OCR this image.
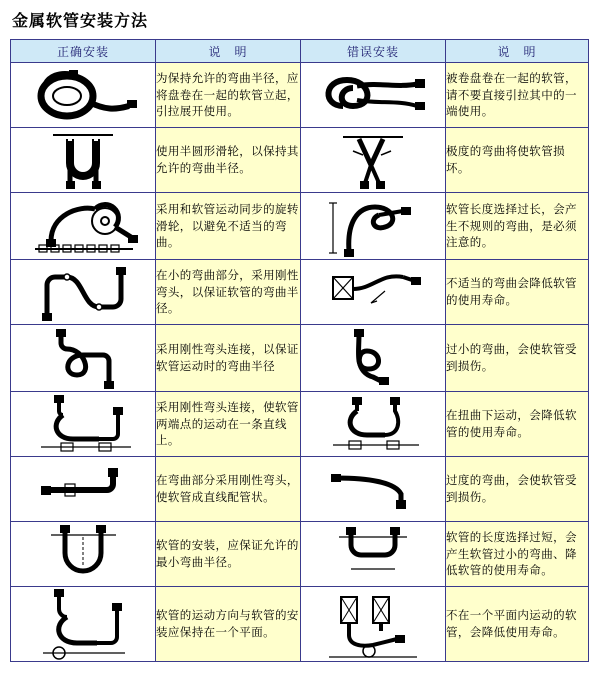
金属软管安装方法
正确安装	说　明	错误安装	说　明

	为保持允许的弯曲半径，应将盘卷在一起的软管立起，引拉展开使用。		被卷盘卷在一起的软管，请不要直接引拉其中的一端使用。

	使用半圆形滑轮，以保持其允许的弯曲半径。		极度的弯曲将使软管损坏。

	采用和软管运动同步的旋转滑轮，以避免不适当的弯曲。		软管长度选择过长，会产生不规则的弯曲，是必须注意的。

	在小的弯曲部分，采用刚性弯头，以保证软管的弯曲半径。		不适当的弯曲会降低软管的使用寿命。

	采用刚性弯头连接，以保证软管运动时的弯曲半径		过小的弯曲，会使软管受到损伤。

	采用刚性弯头连接，使软管两端点的运动在一条直线上。		在扭曲下运动，会降低软管的使用寿命。

	在弯曲部分采用刚性弯头，使软管成直线配管状。		过度的弯曲，会使软管受到损伤。

	软管的安装，应保证允许的最小弯曲半径。		软管的长度选择过短，会产生软管过小的弯曲、降低软管的使用寿命。

	软管的运动方向与软管的安装应保持在一个平面。		不在一个平面内运动的软管，会降低使用寿命。
